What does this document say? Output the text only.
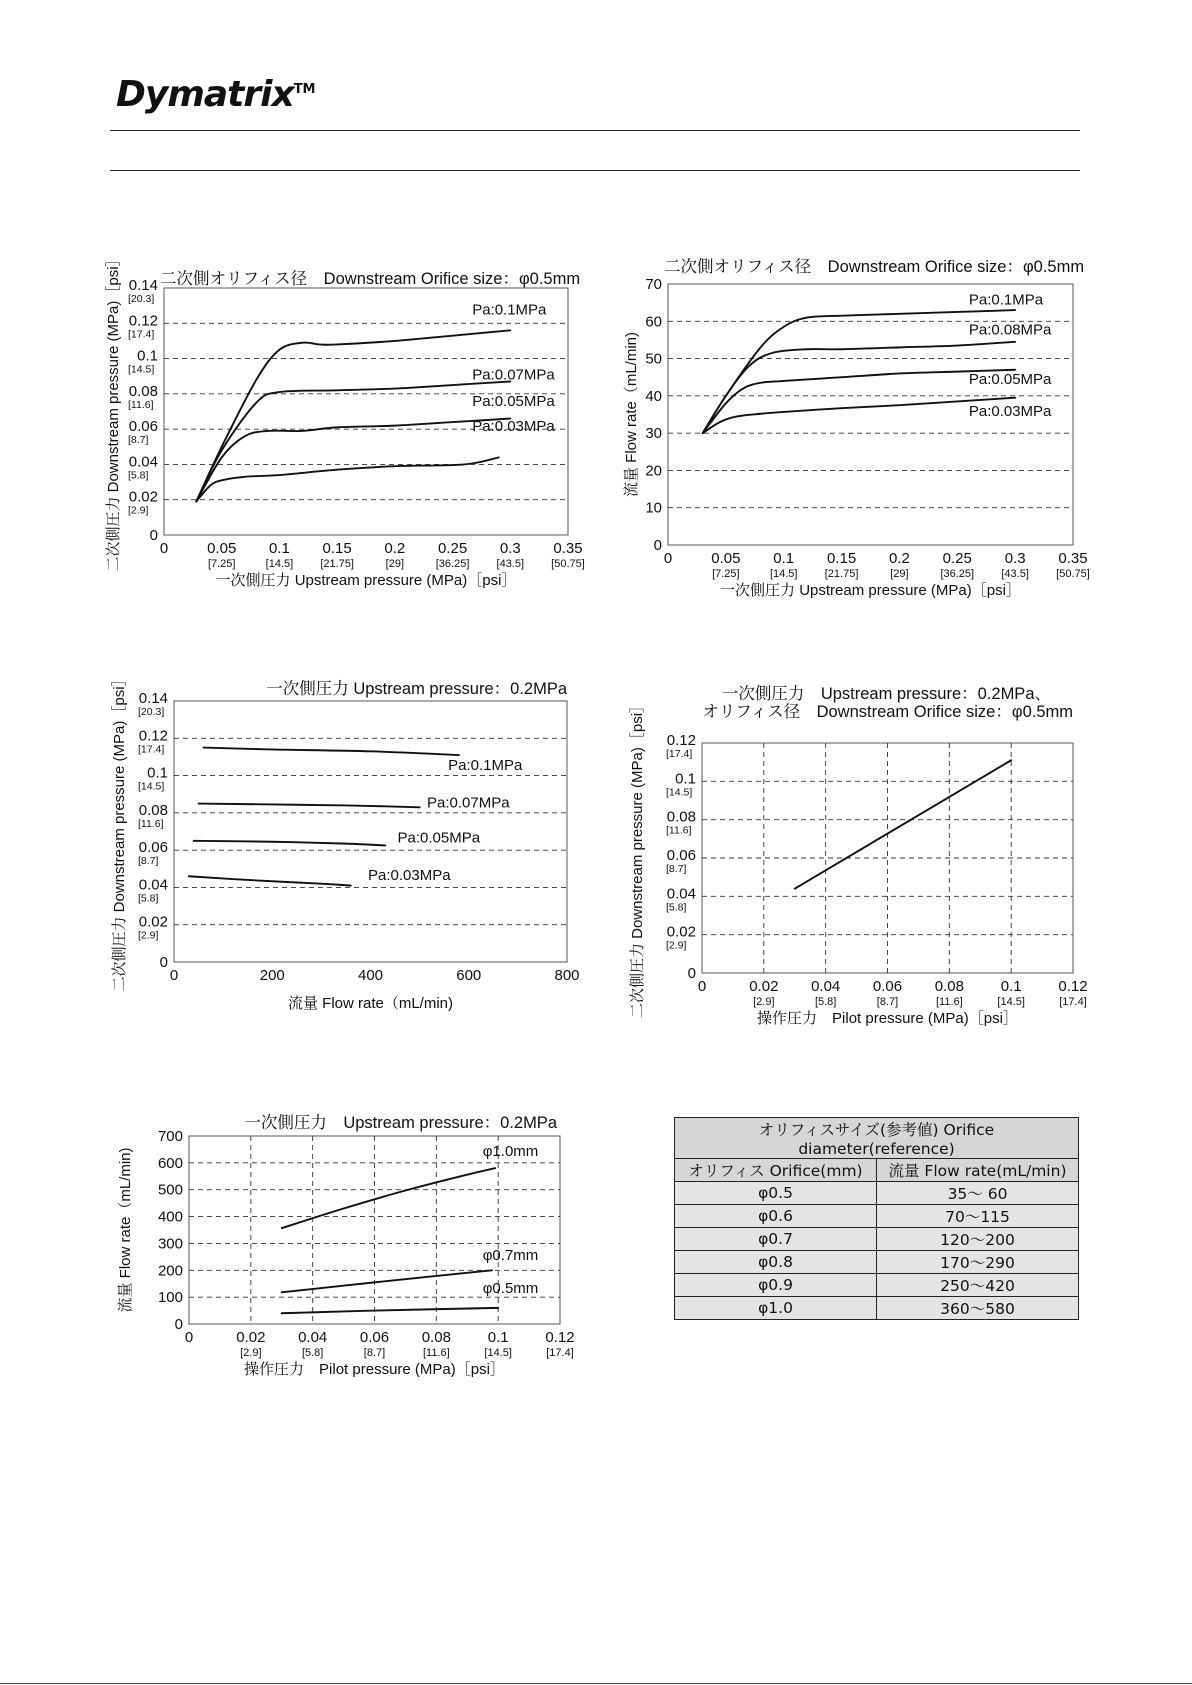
Dymatrix™
0	0.05
[7.25]
0.1
[14.5]
0.15
[21.75]
0.2
[29]
0.25
[36.25]
0.3
[43.5]
0.35
[50.75]
0
0.02
[2.9]
0.04
[5.8]
0.06
[8.7]
0.08
[11.6]
0.1
[14.5]
0.12
[17.4]
0.14
[20.3]
二次側オリフィス径　Downstream Orifice size：φ0.5mm
一次側圧力 Upstream pressure (MPa)［psi］
二次側圧力 Downstream pressure (MPa)［psi］	Pa:0.1MPa
Pa:0.07MPa
Pa:0.05MPa
Pa:0.03MPa
0	0.05
[7.25]
0.1
[14.5]
0.15
[21.75]
0.2
[29]
0.25
[36.25]
0.3
[43.5]
0.35
[50.75]
0
10
20
30
40
50
60
70
二次側オリフィス径　Downstream Orifice size：φ0.5mm
一次側圧力 Upstream pressure (MPa)［psi］
流量 Flow rate（mL/min)
Pa:0.1MPa
Pa:0.08MPa
Pa:0.05MPa
Pa:0.03MPa
0	200	400	600	800
0
0.02
[2.9]
0.04
[5.8]
0.06
[8.7]
0.08
[11.6]
0.1
[14.5]
0.12
[17.4]
0.14
[20.3]
一次側圧力 Upstream pressure：0.2MPa
流量 Flow rate（mL/min)
二次側圧力 Downstream pressure (MPa)［psi］	Pa:0.1MPa
Pa:0.07MPa
Pa:0.05MPa
Pa:0.03MPa
0	0.02
[2.9]
0.04
[5.8]
0.06
[8.7]
0.08
[11.6]
0.1
[14.5]
0.12
[17.4]
0
0.02
[2.9]
0.04
[5.8]
0.06
[8.7]
0.08
[11.6]
0.1
[14.5]
0.12
[17.4]
一次側圧力　Upstream pressure：0.2MPa、
オリフィス径　Downstream Orifice size：φ0.5mm
操作圧力　Pilot pressure (MPa)［psi］
二次側圧力 Downstream pressure (MPa)［psi］
0	0.02
[2.9]
0.04
[5.8]
0.06
[8.7]
0.08
[11.6]
0.1
[14.5]
0.12
[17.4]
0
100
200
300
400
500
600
700
一次側圧力　Upstream pressure：0.2MPa
操作圧力　Pilot pressure (MPa)［psi］
流量 Flow rate（mL/min)	φ1.0mm
φ0.7mm
φ0.5mm
オリフィスサイズ(参考値) Orifice diameter(reference)	
オリフィス Orifice(mm)	流量 Flow rate(mL/min)
φ0.5	35～ 60
φ0.6	70～115
φ0.7	120～200
φ0.8	170～290
φ0.9	250～420
φ1.0	360～580
